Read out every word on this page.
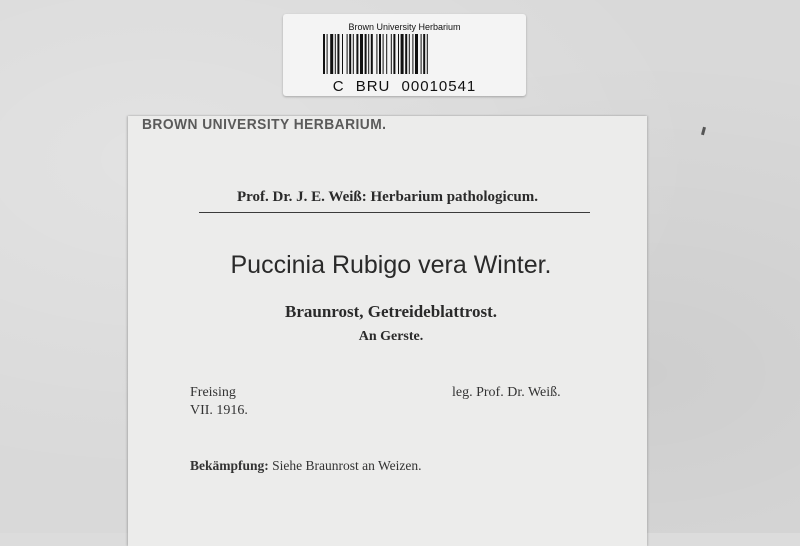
Brown University Herbarium
C BRU 00010541
BROWN UNIVERSITY HERBARIUM.
Prof. Dr. J. E. Weiß: Herbarium pathologicum.
Puccinia Rubigo vera Winter.
Braunrost, Getreideblattrost.
An Gerste.
Freising
VII. 1916.
leg. Prof. Dr. Weiß.
Bekämpfung: Siehe Braunrost an Weizen.
